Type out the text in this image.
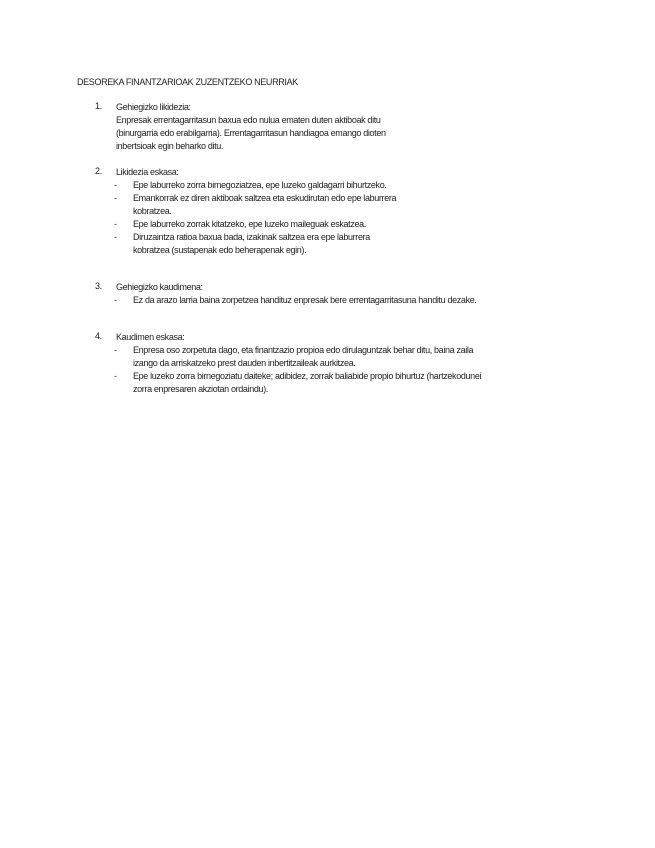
DESOREKA FINANTZARIOAK ZUZENTZEKO NEURRIAK
1. Gehiegizko likidezia:
Enpresak errentagarritasun baxua edo nulua ematen duten aktiboak ditu
(binurgarria edo erabilgarria). Errentagarritasun handiagoa emango dioten
inbertsioak egin beharko ditu.
2. Likidezia eskasa:
- Epe laburreko zorra birnegoziatzea, epe luzeko galdagarri bihurtzeko.
- Emankorrak ez diren aktiboak saltzea eta eskudirutan edo epe laburrera
kobratzea.
- Epe laburreko zorrak kitatzeko, epe luzeko maileguak eskatzea.
- Diruzaintza ratioa baxua bada, izakinak saltzea era epe laburrera
kobratzea (sustapenak edo beherapenak egin).
3. Gehiegizko kaudimena:
- Ez da arazo larria baina zorpetzea handituz enpresak bere errentagarritasuna handitu dezake.
4. Kaudimen eskasa:
- Enpresa oso zorpetuta dago, eta finantzazio propioa edo dirulaguntzak behar ditu, baina zaila
izango da arriskatzeko prest dauden inbertitzaileak aurkitzea.
- Epe luzeko zorra birnegoziatu daiteke; adibidez, zorrak baliabide propio bihurtuz (hartzekodunei
zorra enpresaren akziotan ordaindu).
